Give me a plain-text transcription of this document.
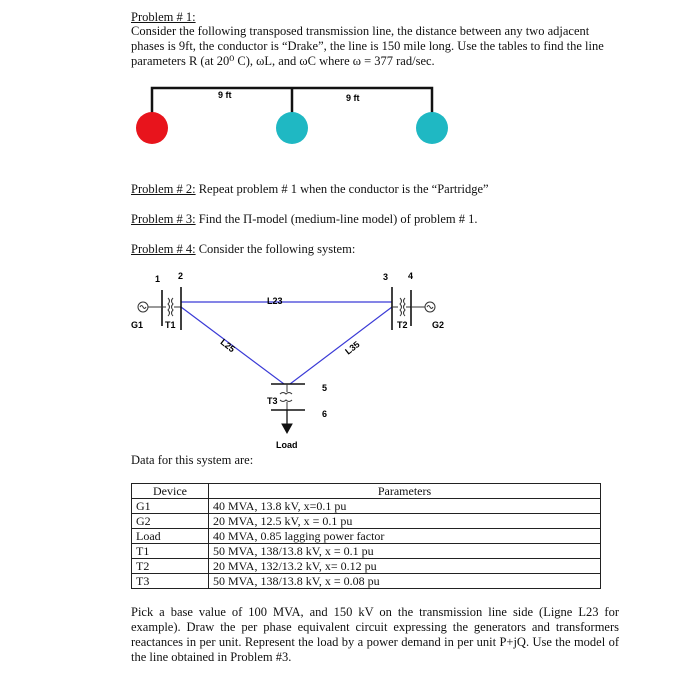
Problem # 1:
Consider the following transposed transmission line, the distance between any two adjacent phases is 9ft, the conductor is “Drake”, the line is 150 mile long. Use the tables to find the line parameters R (at 20⁰ C), ωL, and ωC where ω = 377 rad/sec.
9 ft	9 ft
Problem # 2: Repeat problem # 1 when the conductor is the “Partridge”
Problem # 3: Find the Π-model (medium-line model) of problem # 1.
Problem # 4: Consider the following system:
1 2	3 4
G1 T1	T2	G2
L23
L25	L35
5
T3
6
Load
Data for this system are:
Device	Parameters
G1	40 MVA, 13.8 kV, x=0.1 pu
G2	20 MVA, 12.5 kV, x = 0.1 pu
Load	40 MVA, 0.85 lagging power factor
T1	50 MVA, 138/13.8 kV, x = 0.1 pu
T2	20 MVA, 132/13.2 kV, x= 0.12 pu
T3	50 MVA, 138/13.8 kV, x = 0.08 pu
Pick a base value of 100 MVA, and 150 kV on the transmission line side (Ligne L23 for example). Draw the per phase equivalent circuit expressing the generators and transformers reactances in per unit. Represent the load by a power demand in per unit P+jQ. Use the model of the line obtained in Problem #3.
